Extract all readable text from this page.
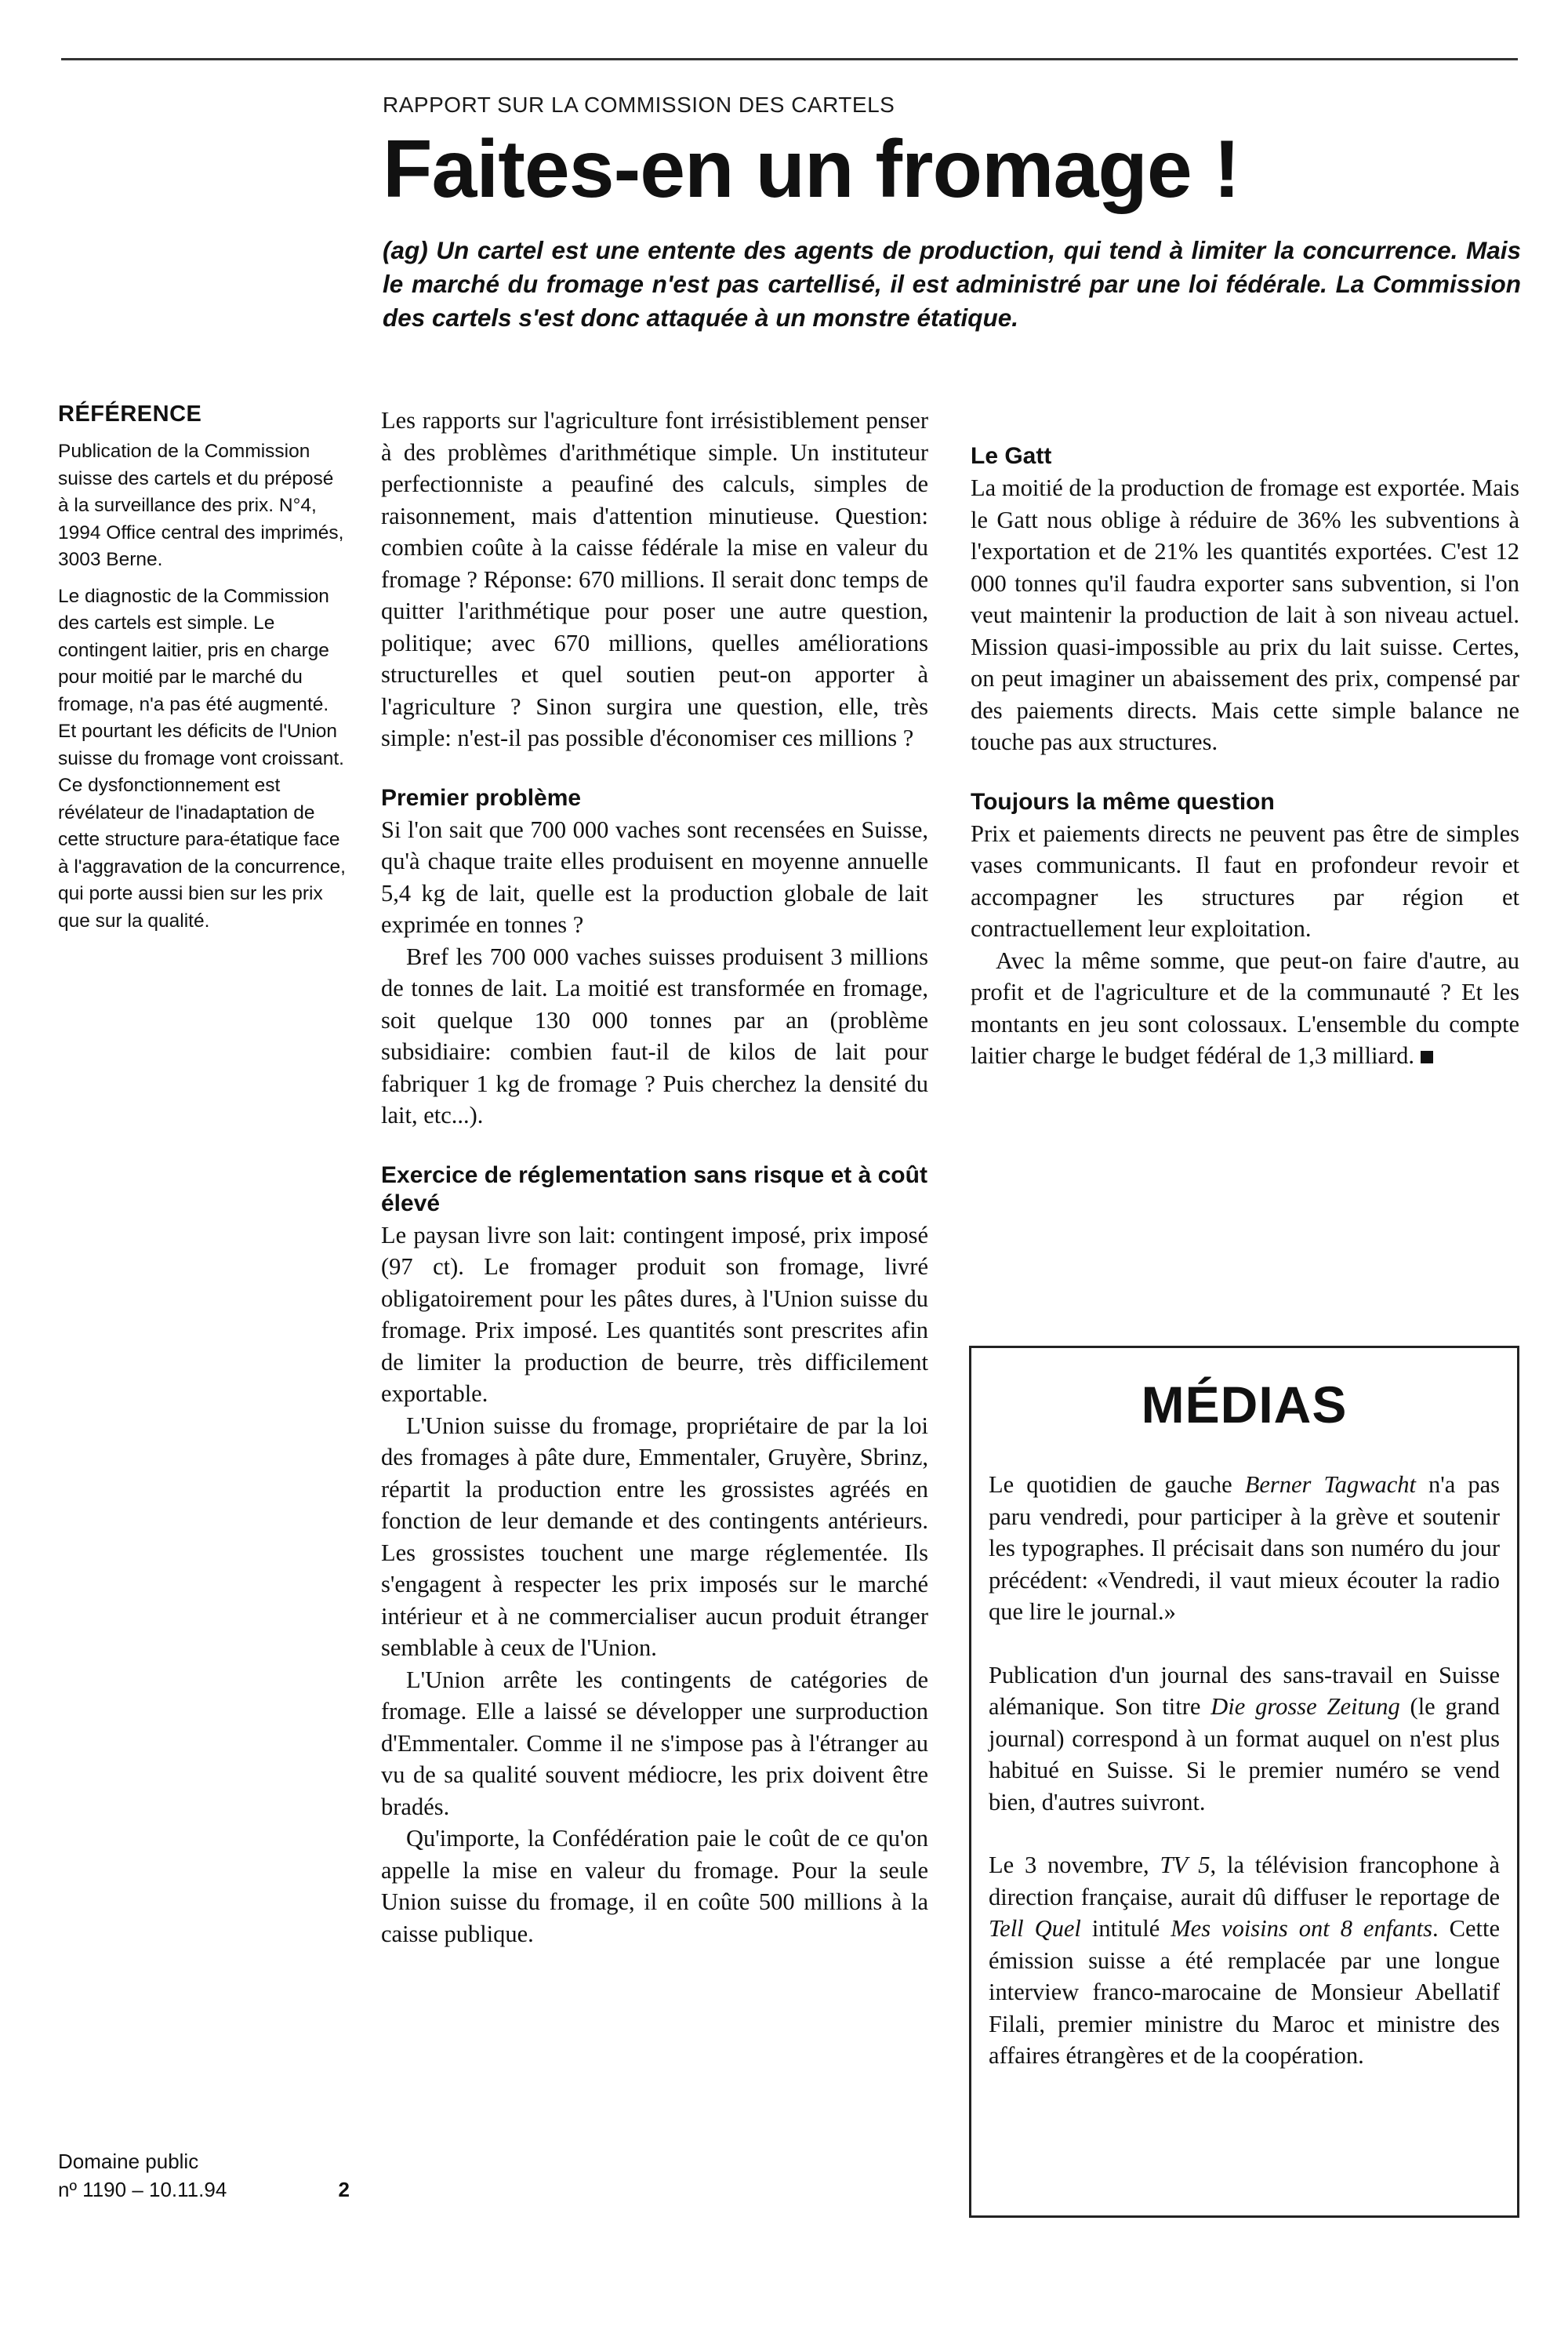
RAPPORT SUR LA COMMISSION DES CARTELS
Faites-en un fromage !

(ag) Un cartel est une entente des agents de production, qui tend à limiter la concurrence. Mais le marché du fromage n'est pas cartellisé, il est administré par une loi fédérale. La Commission des cartels s'est donc attaquée à un monstre étatique.

RÉFÉRENCE

Publication de la Commission suisse des cartels et du préposé à la surveillance des prix. N°4, 1994 Office central des imprimés, 3003 Berne.

Le diagnostic de la Commission des cartels est simple. Le contingent laitier, pris en charge pour moitié par le marché du fromage, n'a pas été augmenté. Et pourtant les déficits de l'Union suisse du fromage vont croissant. Ce dysfonctionnement est révélateur de l'inadaptation de cette structure para-étatique face à l'aggravation de la concurrence, qui porte aussi bien sur les prix que sur la qualité.

Domaine public
nº 1190 – 10.11.94	2

Les rapports sur l'agriculture font irrésistiblement penser à des problèmes d'arithmétique simple. Un instituteur perfectionniste a peaufiné des calculs, simples de raisonnement, mais d'attention minutieuse. Question: combien coûte à la caisse fédérale la mise en valeur du fromage ? Réponse: 670 millions. Il serait donc temps de quitter l'arithmétique pour poser une autre question, politique; avec 670 millions, quelles améliorations structurelles et quel soutien peut-on apporter à l'agriculture ? Sinon surgira une question, elle, très simple: n'est-il pas possible d'économiser ces millions ?

Premier problème

Si l'on sait que 700 000 vaches sont recensées en Suisse, qu'à chaque traite elles produisent en moyenne annuelle 5,4 kg de lait, quelle est la production globale de lait exprimée en tonnes ?

Bref les 700 000 vaches suisses produisent 3 millions de tonnes de lait. La moitié est transformée en fromage, soit quelque 130 000 tonnes par an (problème subsidiaire: combien faut-il de kilos de lait pour fabriquer 1 kg de fromage ? Puis cherchez la densité du lait, etc...).

Exercice de réglementation sans risque et à coût élevé

Le paysan livre son lait: contingent imposé, prix imposé (97 ct). Le fromager produit son fromage, livré obligatoirement pour les pâtes dures, à l'Union suisse du fromage. Prix imposé. Les quantités sont prescrites afin de limiter la production de beurre, très difficilement exportable.

L'Union suisse du fromage, propriétaire de par la loi des fromages à pâte dure, Emmentaler, Gruyère, Sbrinz, répartit la production entre les grossistes agréés en fonction de leur demande et des contingents antérieurs. Les grossistes touchent une marge réglementée. Ils s'engagent à respecter les prix imposés sur le marché intérieur et à ne commercialiser aucun produit étranger semblable à ceux de l'Union.

L'Union arrête les contingents de catégories de fromage. Elle a laissé se développer une surproduction d'Emmentaler. Comme il ne s'impose pas à l'étranger au vu de sa qualité souvent médiocre, les prix doivent être bradés.

Qu'importe, la Confédération paie le coût de ce qu'on appelle la mise en valeur du fromage. Pour la seule Union suisse du fromage, il en coûte 500 millions à la caisse publique.

Le Gatt

La moitié de la production de fromage est exportée. Mais le Gatt nous oblige à réduire de 36% les subventions à l'exportation et de 21% les quantités exportées. C'est 12 000 tonnes qu'il faudra exporter sans subvention, si l'on veut maintenir la production de lait à son niveau actuel. Mission quasi-impossible au prix du lait suisse. Certes, on peut imaginer un abaissement des prix, compensé par des paiements directs. Mais cette simple balance ne touche pas aux structures.

Toujours la même question

Prix et paiements directs ne peuvent pas être de simples vases communicants. Il faut en profondeur revoir et accompagner les structures par région et contractuellement leur exploitation.

Avec la même somme, que peut-on faire d'autre, au profit et de l'agriculture et de la communauté ? Et les montants en jeu sont colossaux. L'ensemble du compte laitier charge le budget fédéral de 1,3 milliard.

MÉDIAS

Le quotidien de gauche Berner Tagwacht n'a pas paru vendredi, pour participer à la grève et soutenir les typographes. Il précisait dans son numéro du jour précédent: «Vendredi, il vaut mieux écouter la radio que lire le journal.»

Publication d'un journal des sans-travail en Suisse alémanique. Son titre Die grosse Zeitung (le grand journal) correspond à un format auquel on n'est plus habitué en Suisse. Si le premier numéro se vend bien, d'autres suivront.

Le 3 novembre, TV 5, la télévision francophone à direction française, aurait dû diffuser le reportage de Tell Quel intitulé Mes voisins ont 8 enfants. Cette émission suisse a été remplacée par une longue interview franco-marocaine de Monsieur Abellatif Filali, premier ministre du Maroc et ministre des affaires étrangères et de la coopération.
